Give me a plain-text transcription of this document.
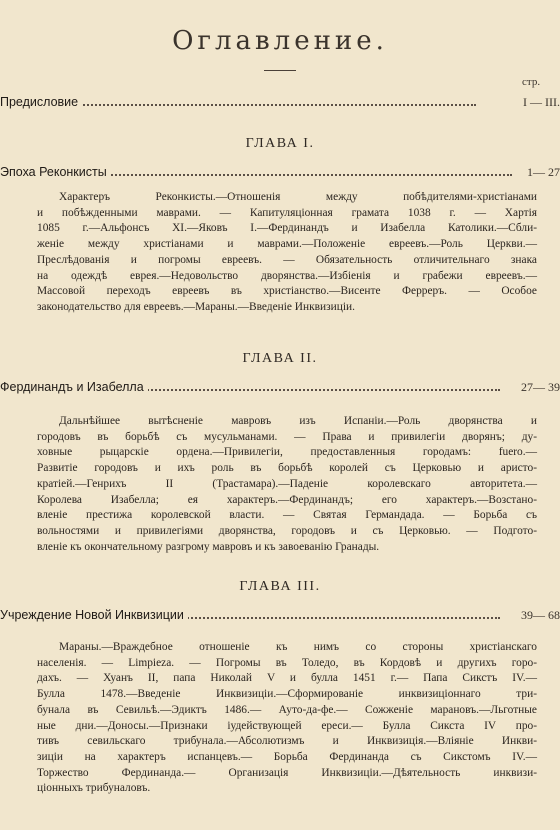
Оглавление.
стр.
Предисловие	I — III.
ГЛАВА I.
Эпоха Реконкисты	1— 27
Характеръ Реконкисты.—Отношенія между побѣдителями-христіанами
и побѣжденными маврами. — Капитуляціонная грамата 1038 г. — Хартія
1085 г.—Альфонсъ XI.—Яковъ I.—Фердинандъ и Изабелла Католики.—Сбли-
женіе между христіанами и маврами.—Положеніе евреевъ.—Роль Церкви.—
Преслѣдованія и погромы евреевъ. — Обязательность отличительнаго знака
на одеждѣ еврея.—Недовольство дворянства.—Избіенія и грабежи евреевъ.—
Массовой переходъ евреевъ въ христіанство.—Висенте Ферреръ. — Особое
законодательство для евреевъ.—Мараны.—Введеніе Инквизиціи.
ГЛАВА II.
Фердинандъ и Изабелла	27— 39
Дальнѣйшее вытѣсненіе мавровъ изъ Испаніи.—Роль дворянства и
городовъ въ борьбѣ съ мусульманами. — Права и привилегіи дворянъ; ду-
ховные рыцарскіе ордена.—Привилегіи, предоставленныя городамъ: fuero.—
Развитіе городовъ и ихъ роль въ борьбѣ королей съ Церковью и аристо-
кратіей.—Генрихъ II (Трастамара).—Паденіе королевскаго авторитета.—
Королева Изабелла; ея характеръ.—Фердинандъ; его характеръ.—Возстано-
вленіе престижа королевской власти. — Святая Германдада. — Борьба съ
вольностями и привилегіями дворянства, городовъ и съ Церковью. — Подгото-
вленіе къ окончательному разгрому мавровъ и къ завоеванію Гранады.
ГЛАВА III.
Учреждение Новой Инквизиции	39— 68
Мараны.—Враждебное отношеніе къ нимъ со стороны христіанскаго
населенія. — Limpieza. — Погромы въ Толедо, въ Кордовѣ и другихъ горо-
дахъ. — Хуанъ II, папа Николай V и булла 1451 г.— Папа Сикстъ IV.—
Булла 1478.—Введеніе Инквизиціи.—Сформированіе инквизиціоннаго три-
бунала въ Севильѣ.—Эдиктъ 1486.— Ауто-да-фе.— Сожженіе марановъ.—Льготные
ные дни.—Доносы.—Признаки іудействующей ереси.— Булла Сикста IV про-
тивъ севильскаго трибунала.—Абсолютизмъ и Инквизиція.—Вліяніе Инкви-
зиціи на характеръ испанцевъ.— Борьба Фердинанда съ Сикстомъ IV.—
Торжество Фердинанда.— Организація Инквизиціи.—Дѣятельность инквизи-
ціонныхъ трибуналовъ.
